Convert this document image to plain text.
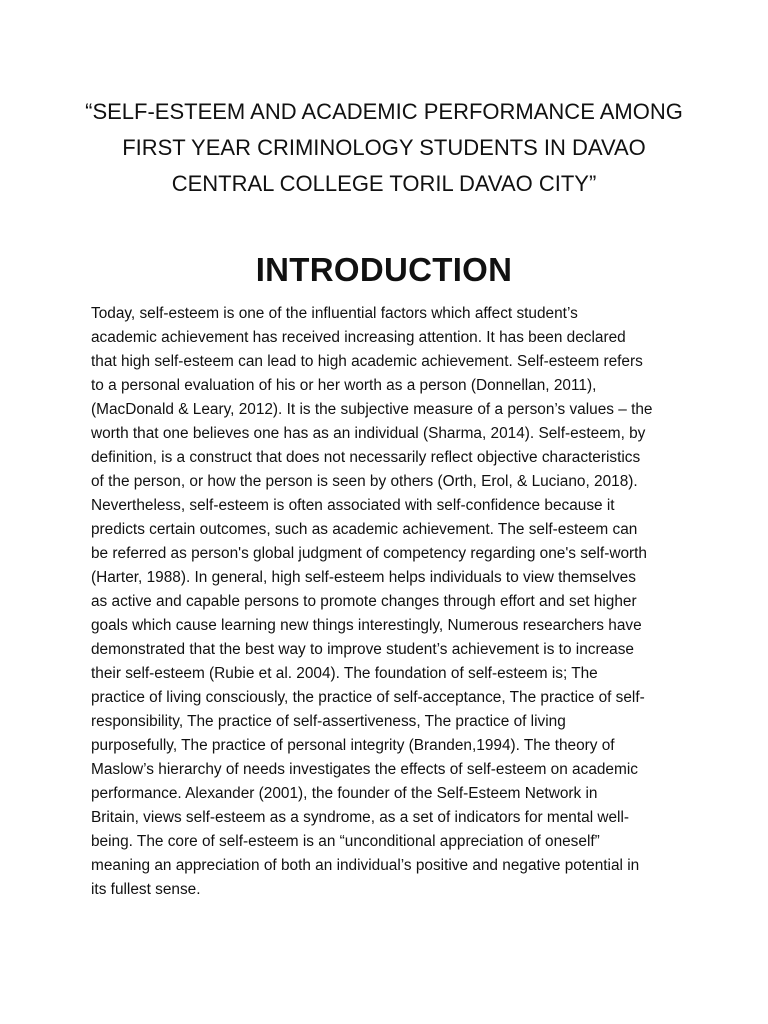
“SELF-ESTEEM AND ACADEMIC PERFORMANCE AMONG
FIRST YEAR CRIMINOLOGY STUDENTS IN DAVAO
CENTRAL COLLEGE TORIL DAVAO CITY”
INTRODUCTION
Today, self-esteem is one of the influential factors which affect student’s
academic achievement has received increasing attention. It has been declared
that high self-esteem can lead to high academic achievement. Self-esteem refers
to a personal evaluation of his or her worth as a person (Donnellan, 2011),
(MacDonald & Leary, 2012). It is the subjective measure of a person’s values – the
worth that one believes one has as an individual (Sharma, 2014). Self-esteem, by
definition, is a construct that does not necessarily reflect objective characteristics
of the person, or how the person is seen by others (Orth, Erol, & Luciano, 2018).
Nevertheless, self-esteem is often associated with self-confidence because it
predicts certain outcomes, such as academic achievement. The self-esteem can
be referred as person's global judgment of competency regarding one's self-worth
(Harter, 1988). In general, high self-esteem helps individuals to view themselves
as active and capable persons to promote changes through effort and set higher
goals which cause learning new things interestingly, Numerous researchers have
demonstrated that the best way to improve student’s achievement is to increase
their self-esteem (Rubie et al. 2004). The foundation of self-esteem is; The
practice of living consciously, the practice of self-acceptance, The practice of self-
responsibility, The practice of self-assertiveness, The practice of living
purposefully, The practice of personal integrity (Branden,1994). The theory of
Maslow’s hierarchy of needs investigates the effects of self-esteem on academic
performance. Alexander (2001), the founder of the Self-Esteem Network in
Britain, views self-esteem as a syndrome, as a set of indicators for mental well-
being. The core of self-esteem is an “unconditional appreciation of oneself”
meaning an appreciation of both an individual’s positive and negative potential in
its fullest sense.
